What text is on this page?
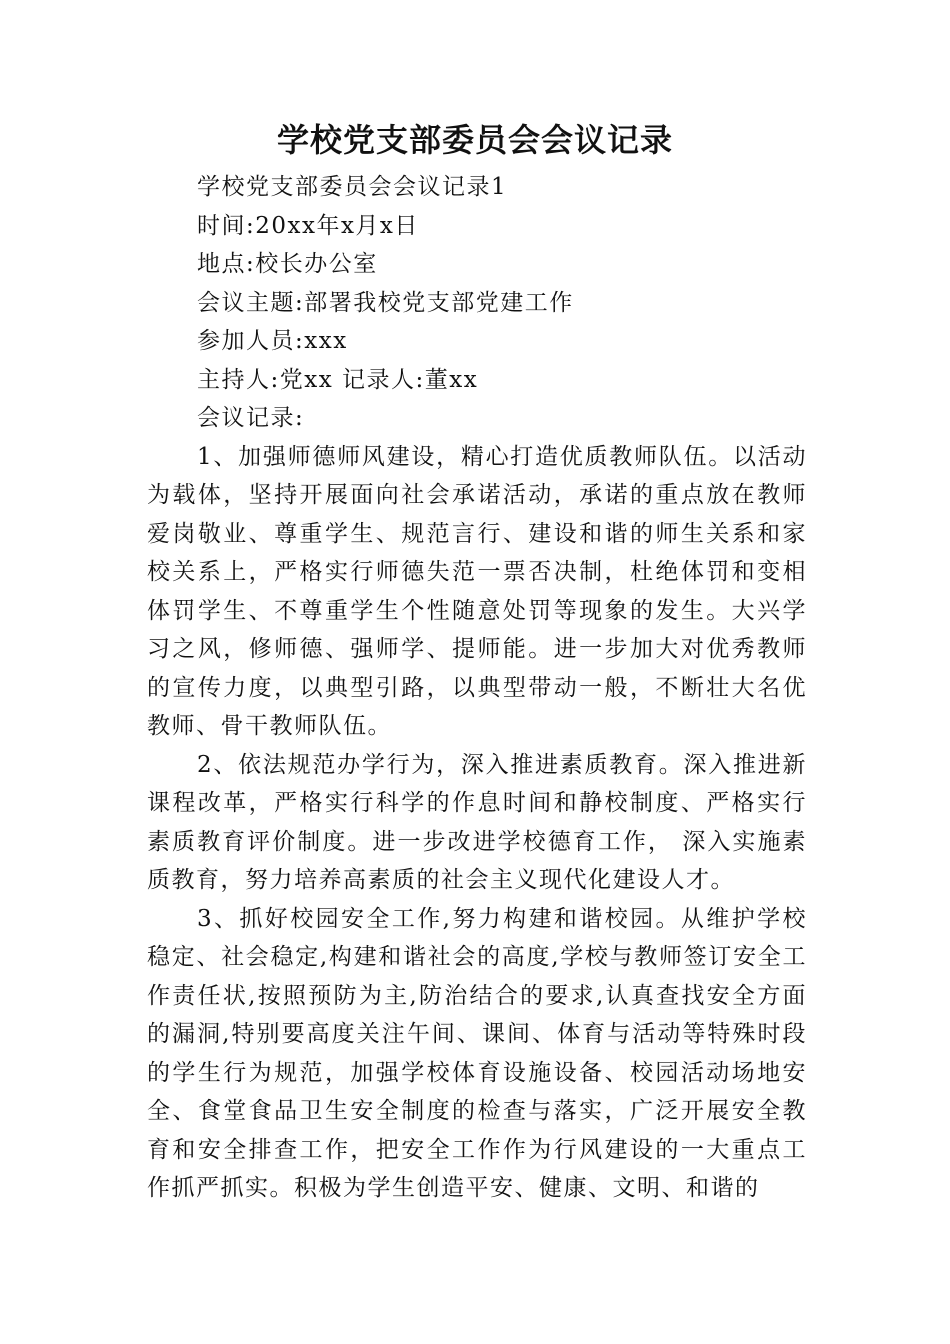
学校党支部委员会会议记录

学校党支部委员会会议记录1

时间:20xx年x月x日

地点:校长办公室

会议主题:部署我校党支部党建工作

参加人员:xxx

主持人:党xx 记录人:董xx

会议记录:

1、加强师德师风建设，精心打造优质教师队伍。以活动为载体，坚持开展面向社会承诺活动，承诺的重点放在教师爱岗敬业、尊重学生、规范言行、建设和谐的师生关系和家校关系上，严格实行师德失范一票否决制，杜绝体罚和变相体罚学生、不尊重学生个性随意处罚等现象的发生。大兴学习之风，修师德、强师学、提师能。进一步加大对优秀教师的宣传力度，以典型引路，以典型带动一般，不断壮大名优教师、骨干教师队伍。

2、依法规范办学行为，深入推进素质教育。深入推进新课程改革，严格实行科学的作息时间和静校制度、严格实行素质教育评价制度。进一步改进学校德育工作， 深入实施素质教育，努力培养高素质的社会主义现代化建设人才。

3、抓好校园安全工作,努力构建和谐校园。从维护学校稳定、社会稳定,构建和谐社会的高度,学校与教师签订安全工作责任状,按照预防为主,防治结合的要求,认真查找安全方面的漏洞,特别要高度关注午间、课间、体育与活动等特殊时段的学生行为规范，加强学校体育设施设备、校园活动场地安全、食堂食品卫生安全制度的检查与落实，广泛开展安全教育和安全排查工作，把安全工作作为行风建设的一大重点工作抓严抓实。积极为学生创造平安、健康、文明、和谐的
